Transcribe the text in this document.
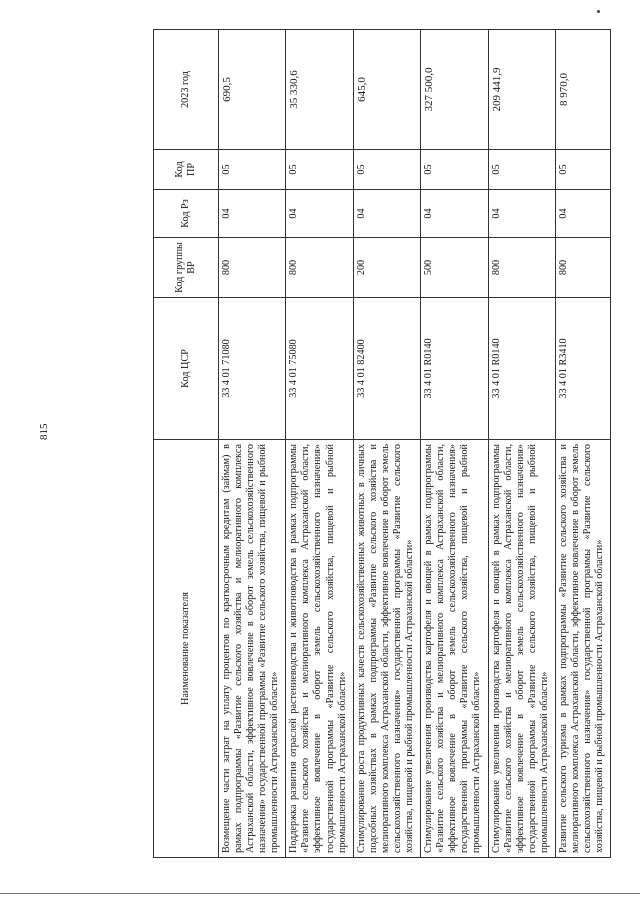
815
Наименование показателя	Код ЦСР	Код группы ВР	Код Рз	Код ПР	2023 год
Возмещение части затрат на уплату процентов по краткосрочным кредитам (займам) в рамках подпрограммы «Развитие сельского хозяйства и мелиоративного комплекса Астраханской области, эффективное вовлечение в оборот земель сельскохозяйственного назначения» государственной программы «Развитие сельского хозяйства, пищевой и рыбной промышленности Астраханской области»	33 4 01 71080	800	04	05	690,5
Поддержка развития отраслей растениеводства и животноводства в рамках подпрограммы «Развитие сельского хозяйства и мелиоративного комплекса Астраханской области, эффективное вовлечение в оборот земель сельскохозяйственного назначения» государственной программы «Развитие сельского хозяйства, пищевой и рыбной промышленности Астраханской области»	33 4 01 75080	800	04	05	35 330,6
Стимулирование роста продуктивных качеств сельскохозяйственных животных в личных подсобных хозяйствах в рамках подпрограммы «Развитие сельского хозяйства и мелиоративного комплекса Астраханской области, эффективное вовлечение в оборот земель сельскохозяйственного назначения» государственной программы «Развитие сельского хозяйства, пищевой и рыбной промышленности Астраханской области»	33 4 01 82400	200	04	05	645,0
Стимулирование увеличения производства картофеля и овощей в рамках подпрограммы «Развитие сельского хозяйства и мелиоративного комплекса Астраханской области, эффективное вовлечение в оборот земель сельскохозяйственного назначения» государственной программы «Развитие сельского хозяйства, пищевой и рыбной промышленности Астраханской области»	33 4 01 R0140	500	04	05	327 500,0
Стимулирование увеличения производства картофеля и овощей в рамках подпрограммы «Развитие сельского хозяйства и мелиоративного комплекса Астраханской области, эффективное вовлечение в оборот земель сельскохозяйственного назначения» государственной программы «Развитие сельского хозяйства, пищевой и рыбной промышленности Астраханской области»	33 4 01 R0140	800	04	05	209 441,9
Развитие сельского туризма в рамках подпрограммы «Развитие сельского хозяйства и мелиоративного комплекса Астраханской области, эффективное вовлечение в оборот земель сельскохозяйственного назначения» государственной программы «Развитие сельского хозяйства, пищевой и рыбной промышленности Астраханской области»	33 4 01 R3410	800	04	05	8 970,0
